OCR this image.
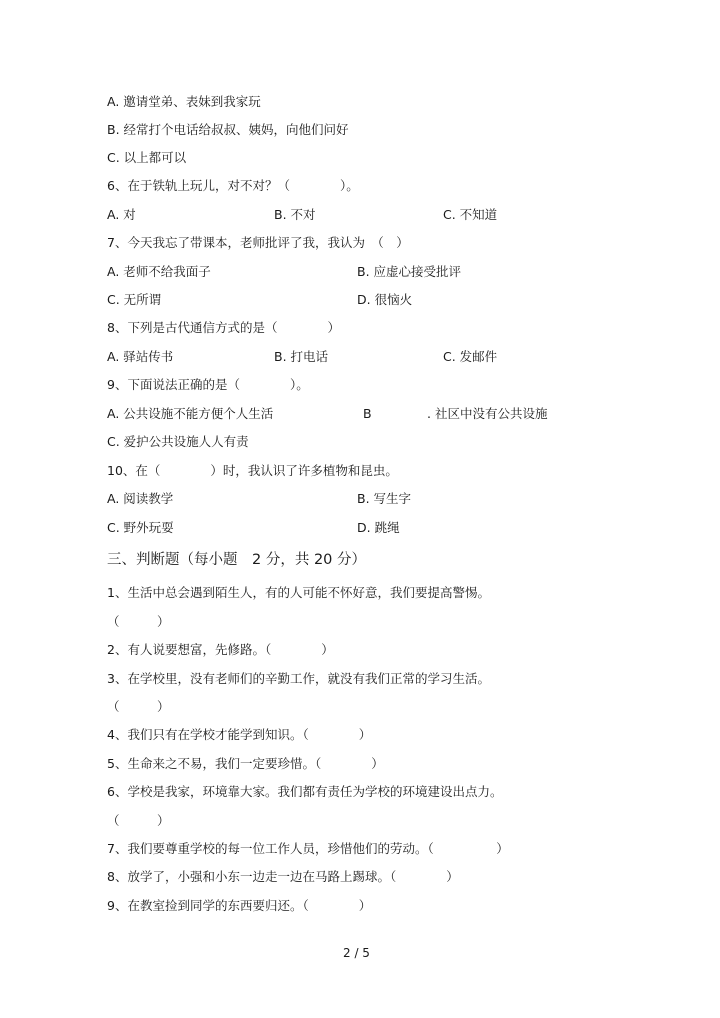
A. 邀请堂弟、表妹到我家玩
B. 经常打个电话给叔叔、姨妈，向他们问好
C. 以上都可以
6、在于铁轨上玩儿，对不对？（　　　　）。
A. 对	B. 不对	C. 不知道
7、今天我忘了带课本，老师批评了我，我认为　（　）
A. 老师不给我面子	B. 应虚心接受批评
C. 无所谓	D. 很恼火
8、下列是古代通信方式的是（　　　　）
A. 驿站传书	B. 打电话	C. 发邮件
9、下面说法正确的是（　　　　）。
A. 公共设施不能方便个人生活	B	. 社区中没有公共设施
C. 爱护公共设施人人有责
10、在（　　　　）时，我认识了许多植物和昆虫。
A. 阅读教学	B. 写生字
C. 野外玩耍	D. 跳绳
三、判断题（每小题　2 分，共 20 分）
1、生活中总会遇到陌生人，有的人可能不怀好意，我们要提高警惕。
（　　　）
2、有人说要想富，先修路。（　　　　）
3、在学校里，没有老师们的辛勤工作，就没有我们正常的学习生活。
（　　　）
4、我们只有在学校才能学到知识。（　　　　）
5、生命来之不易，我们一定要珍惜。（　　　　）
6、学校是我家，环境靠大家。我们都有责任为学校的环境建设出点力。
（　　　）
7、我们要尊重学校的每一位工作人员，珍惜他们的劳动。（　　　　　）
8、放学了，小强和小东一边走一边在马路上踢球。（　　　　）
9、在教室捡到同学的东西要归还。（　　　　）
2 / 5
